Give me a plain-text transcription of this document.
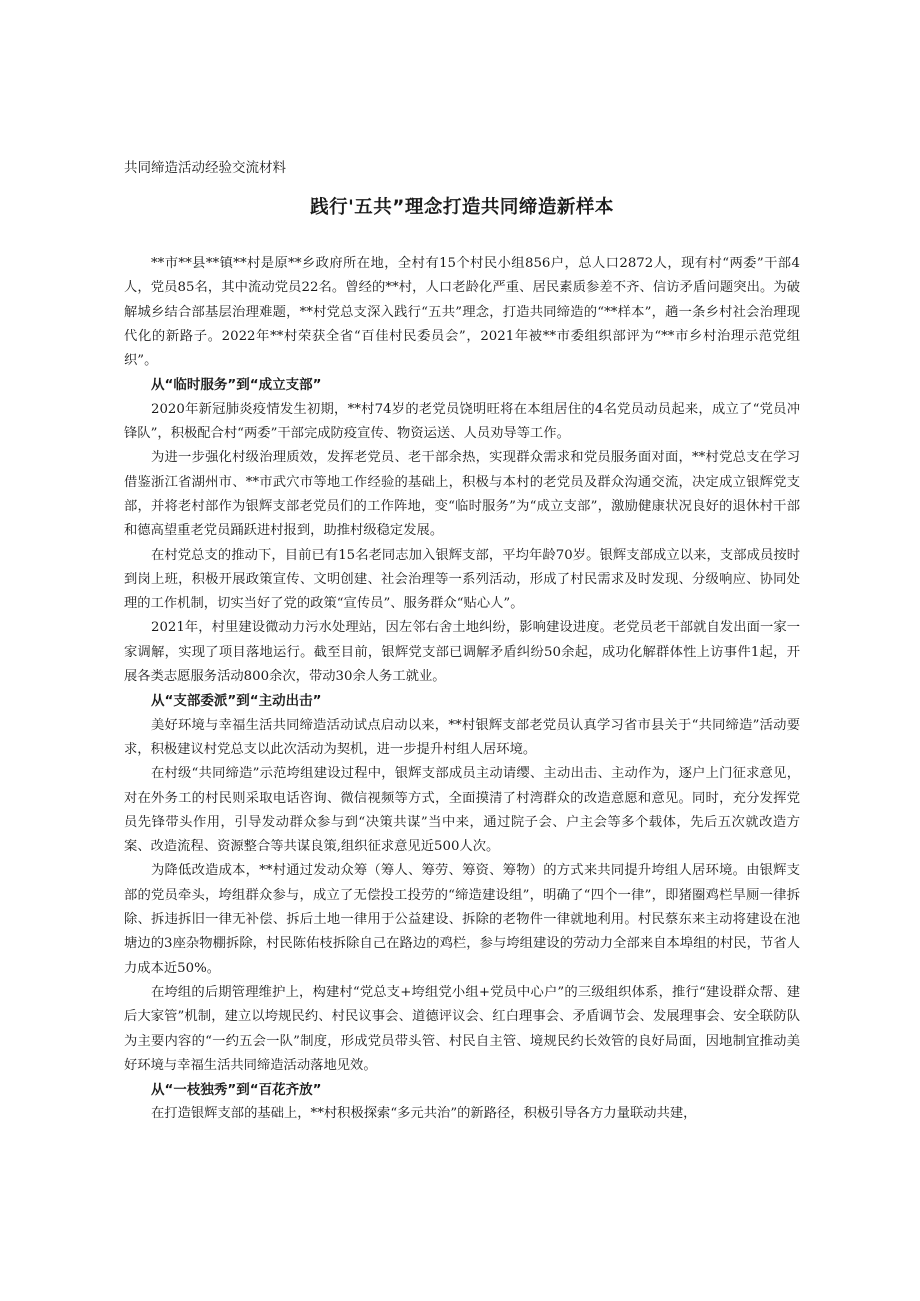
共同缔造活动经验交流材料
践行'五共”理念打造共同缔造新样本

**市**县**镇**村是原**乡政府所在地，全村有15个村民小组856户，总人口2872人，现有村“两委”干部4人，党员85名，其中流动党员22名。曾经的**村，人口老龄化严重、居民素质参差不齐、信访矛盾问题突出。为破解城乡结合部基层治理难题，**村党总支深入践行“五共”理念，打造共同缔造的“**样本”，趟一条乡村社会治理现代化的新路子。2022年**村荣获全省“百佳村民委员会”，2021年被**市委组织部评为“**市乡村治理示范党组织”。

从“临时服务”到“成立支部”

2020年新冠肺炎疫情发生初期，**村74岁的老党员饶明旺将在本组居住的4名党员动员起来，成立了“党员冲锋队”，积极配合村“两委”干部完成防疫宣传、物资运送、人员劝导等工作。

为进一步强化村级治理质效，发挥老党员、老干部余热，实现群众需求和党员服务面对面，**村党总支在学习借鉴浙江省湖州市、**市武穴市等地工作经验的基础上，积极与本村的老党员及群众沟通交流，决定成立银辉党支部，并将老村部作为银辉支部老党员们的工作阵地，变“临时服务”为“成立支部”，激励健康状况良好的退休村干部和德高望重老党员踊跃进村报到，助推村级稳定发展。

在村党总支的推动下，目前已有15名老同志加入银辉支部，平均年龄70岁。银辉支部成立以来，支部成员按时到岗上班，积极开展政策宣传、文明创建、社会治理等一系列活动，形成了村民需求及时发现、分级响应、协同处理的工作机制，切实当好了党的政策“宣传员”、服务群众“贴心人”。

2021年，村里建设微动力污水处理站，因左邻右舍土地纠纷，影响建设进度。老党员老干部就自发出面一家一家调解，实现了项目落地运行。截至目前，银辉党支部已调解矛盾纠纷50余起，成功化解群体性上访事件1起，开展各类志愿服务活动800余次，带动30余人务工就业。

从“支部委派”到“主动出击”

美好环境与幸福生活共同缔造活动试点启动以来，**村银辉支部老党员认真学习省市县关于“共同缔造”活动要求，积极建议村党总支以此次活动为契机，进一步提升村组人居环境。

在村级“共同缔造”示范垮组建设过程中，银辉支部成员主动请缨、主动出击、主动作为，逐户上门征求意见，对在外务工的村民则采取电话咨询、微信视频等方式，全面摸清了村湾群众的改造意愿和意见。同时，充分发挥党员先锋带头作用，引导发动群众参与到“决策共谋”当中来，通过院子会、户主会等多个载体，先后五次就改造方案、改造流程、资源整合等共谋良策,组织征求意见近500人次。

为降低改造成本，**村通过发动众筹（筹人、筹劳、筹资、筹物）的方式来共同提升垮组人居环境。由银辉支部的党员牵头，垮组群众参与，成立了无偿投工投劳的“缔造建设组”，明确了“四个一律”，即猪圈鸡栏旱厕一律拆除、拆违拆旧一律无补偿、拆后土地一律用于公益建设、拆除的老物件一律就地利用。村民蔡东来主动将建设在池塘边的3座杂物棚拆除，村民陈佑枝拆除自己在路边的鸡栏，参与垮组建设的劳动力全部来自本埠组的村民，节省人力成本近50%。

在垮组的后期管理维护上，构建村“党总支+垮组党小组+党员中心户”的三级组织体系，推行“建设群众帮、建后大家管”机制，建立以垮规民约、村民议事会、道德评议会、红白理事会、矛盾调节会、发展理事会、安全联防队为主要内容的“一约五会一队”制度，形成党员带头管、村民自主管、境规民约长效管的良好局面，因地制宜推动美好环境与幸福生活共同缔造活动落地见效。

从“一枝独秀”到“百花齐放”

在打造银辉支部的基础上，**村积极探索“多元共治”的新路径，积极引导各方力量联动共建，
